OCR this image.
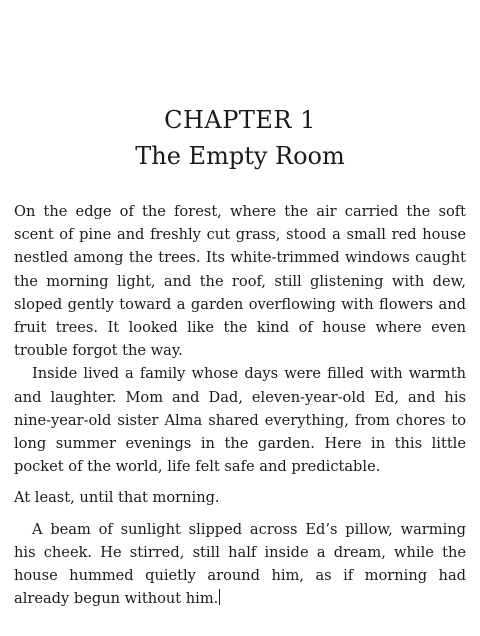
CHAPTER 1
The Empty Room

On the edge of the forest, where the air carried the soft scent of pine and freshly cut grass, stood a small red house nestled among the trees. Its white-trimmed windows caught the morning light, and the roof, still glistening with dew, sloped gently toward a garden overflowing with flowers and fruit trees. It looked like the kind of house where even trouble forgot the way.

Inside lived a family whose days were filled with warmth and laughter. Mom and Dad, eleven-year-old Ed, and his nine-year-old sister Alma shared everything, from chores to long summer evenings in the garden. Here in this little pocket of the world, life felt safe and predictable.

At least, until that morning.

A beam of sunlight slipped across Ed’s pillow, warming his cheek. He stirred, still half inside a dream, while the house hummed quietly around him, as if morning had already begun without him.
